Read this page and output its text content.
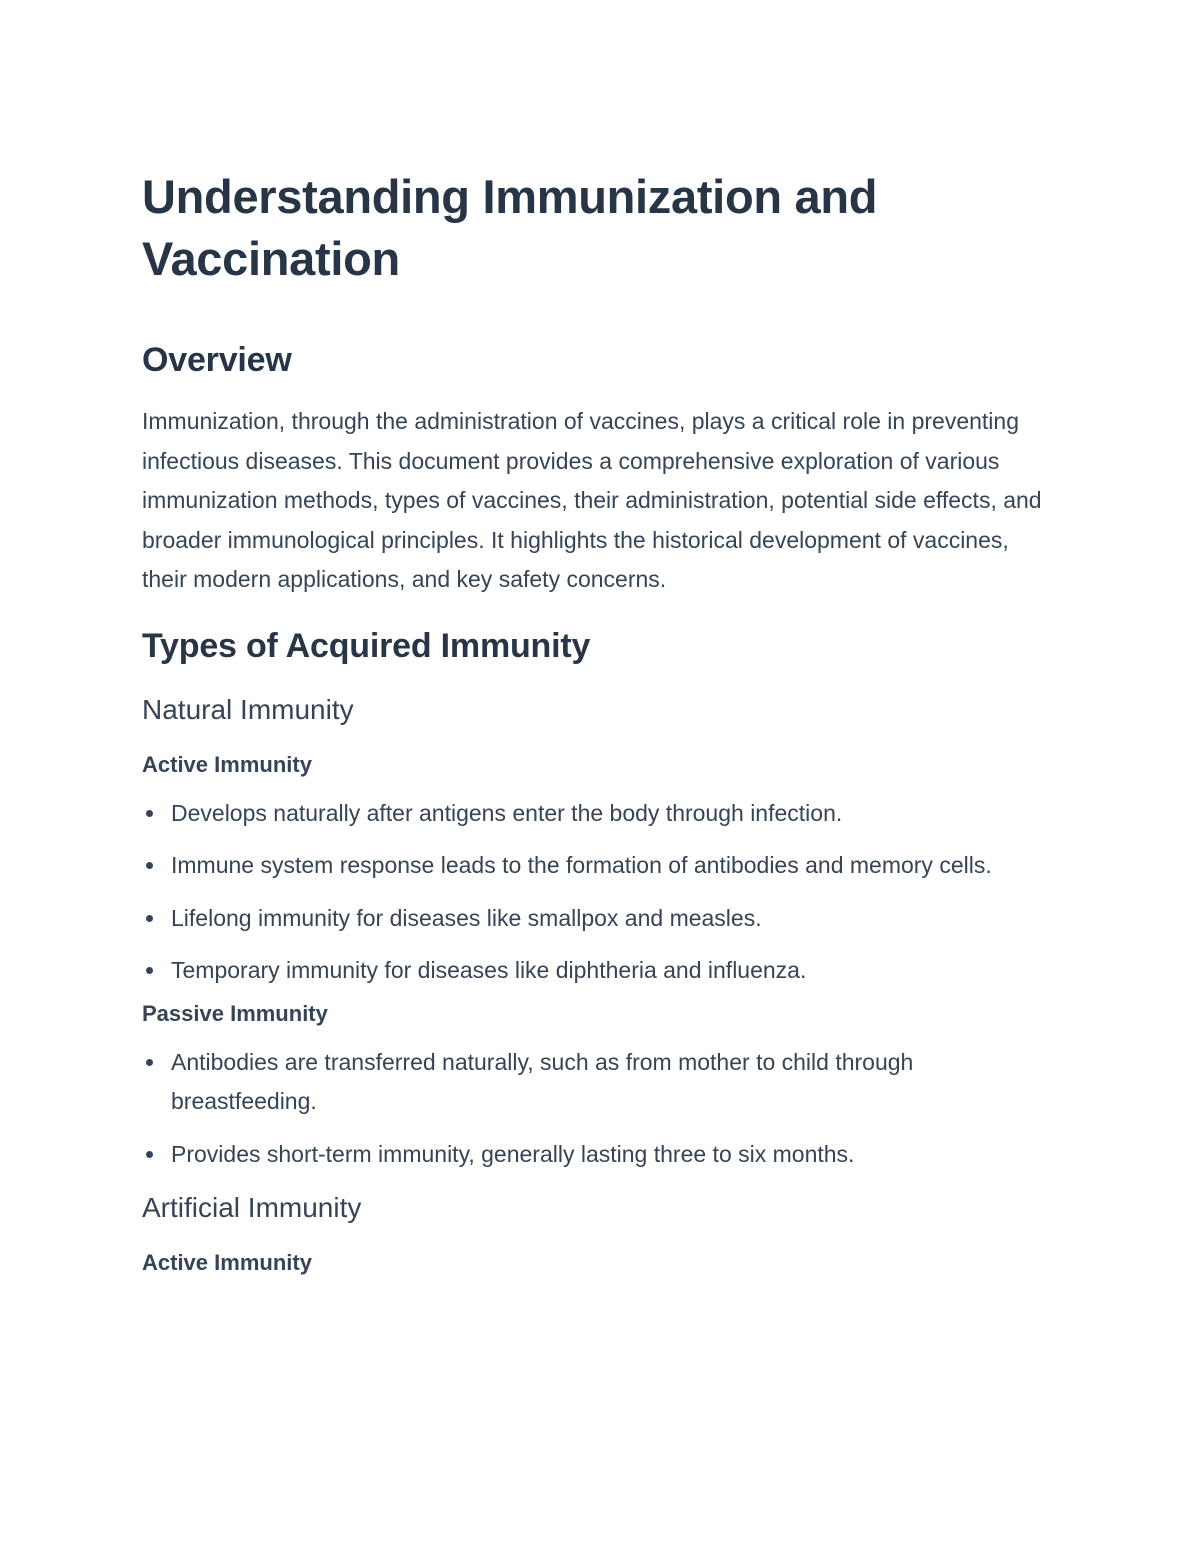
Understanding Immunization and Vaccination
Overview

Immunization, through the administration of vaccines, plays a critical role in preventing infectious diseases. This document provides a comprehensive exploration of various immunization methods, types of vaccines, their administration, potential side effects, and broader immunological principles. It highlights the historical development of vaccines, their modern applications, and key safety concerns.

Types of Acquired Immunity
Natural Immunity
Active Immunity
Develops naturally after antigens enter the body through infection.
Immune system response leads to the formation of antibodies and memory cells.
Lifelong immunity for diseases like smallpox and measles.
Temporary immunity for diseases like diphtheria and influenza.
Passive Immunity
Antibodies are transferred naturally, such as from mother to child through breastfeeding.
Provides short-term immunity, generally lasting three to six months.
Artificial Immunity
Active Immunity
